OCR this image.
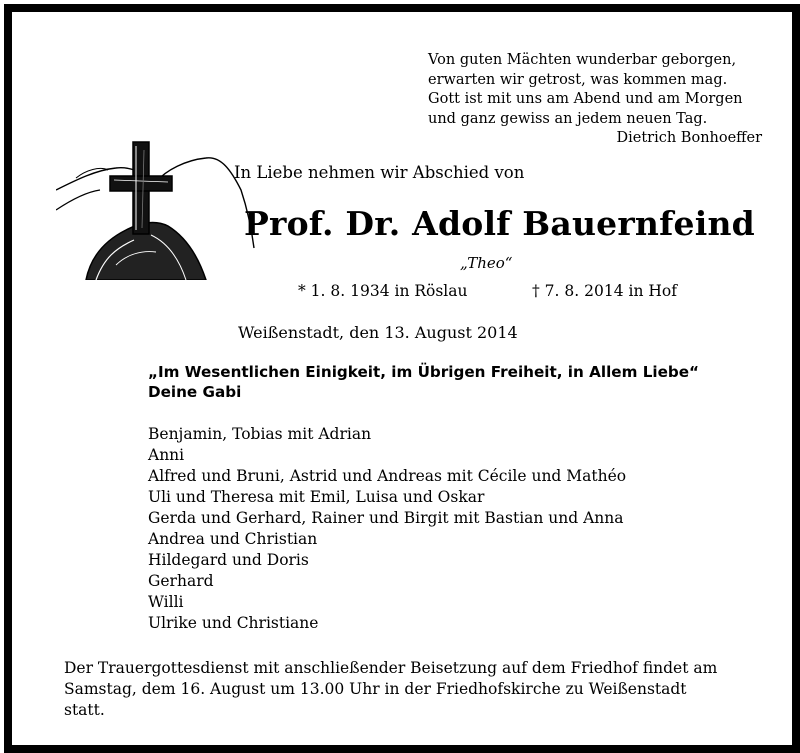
Von guten Mächten wunderbar geborgen,
erwarten wir getrost, was kommen mag.
Gott ist mit uns am Abend und am Morgen
und ganz gewiss an jedem neuen Tag.
Dietrich Bonhoeffer
In Liebe nehmen wir Abschied von
Prof. Dr. Adolf Bauernfeind
„Theo“
* 1. 8. 1934 in Röslau	† 7. 8. 2014 in Hof
Weißenstadt, den 13. August 2014
„Im Wesentlichen Einigkeit, im Übrigen Freiheit, in Allem Liebe“
Deine Gabi
Benjamin, Tobias mit Adrian
Anni
Alfred und Bruni, Astrid und Andreas mit Cécile und Mathéo
Uli und Theresa mit Emil, Luisa und Oskar
Gerda und Gerhard, Rainer und Birgit mit Bastian und Anna
Andrea und Christian
Hildegard und Doris
Gerhard
Willi
Ulrike und Christiane
Der Trauergottesdienst mit anschließender Beisetzung auf dem Friedhof findet am
Samstag, dem 16. August um 13.00 Uhr in der Friedhofskirche zu Weißenstadt
statt.
